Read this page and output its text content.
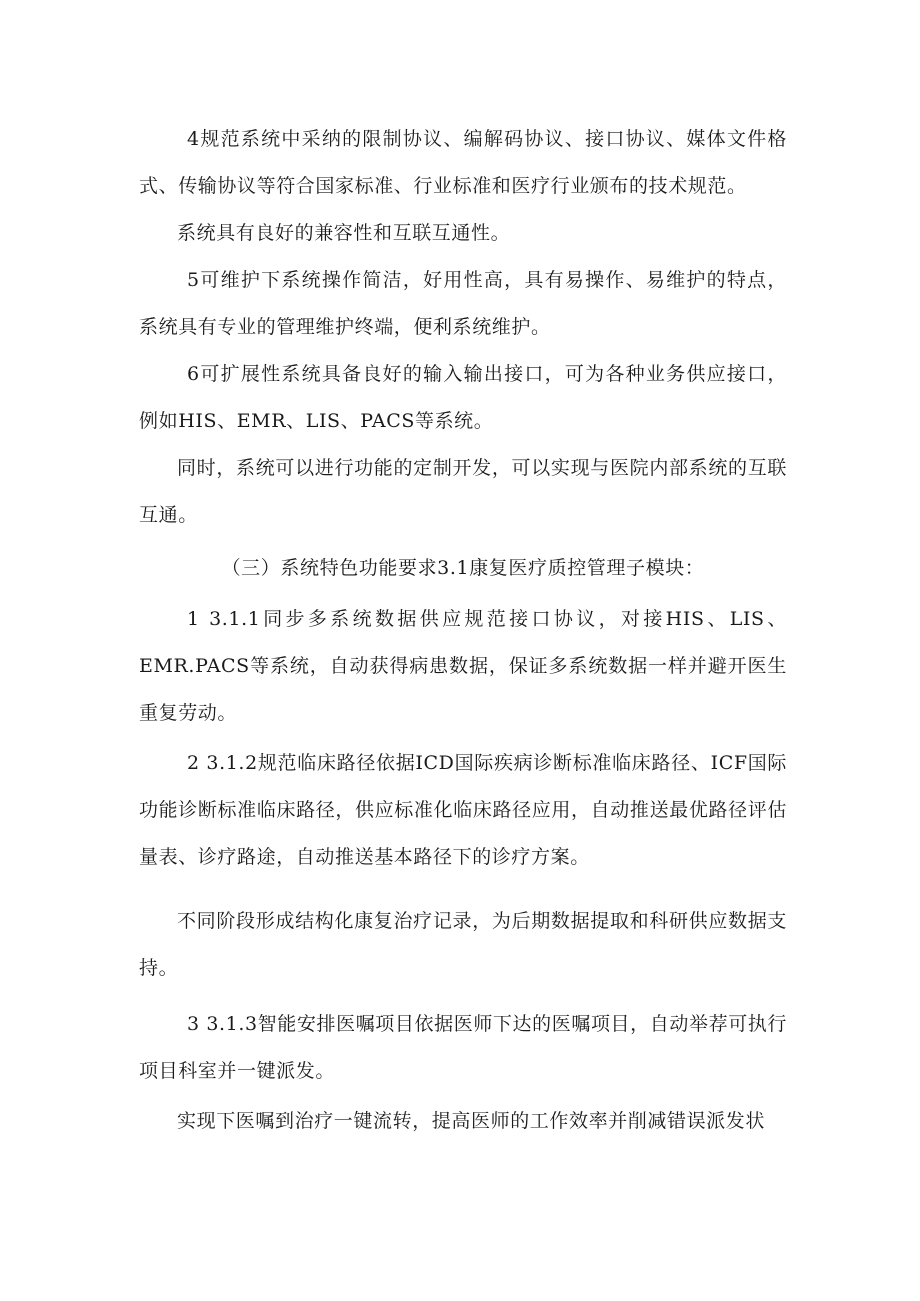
4规范系统中采纳的限制协议、编解码协议、接口协议、媒体文件格式、传输协议等符合国家标准、行业标准和医疗行业颁布的技术规范。

系统具有良好的兼容性和互联互通性。

5可维护下系统操作简洁，好用性高，具有易操作、易维护的特点，系统具有专业的管理维护终端，便利系统维护。

6可扩展性系统具备良好的输入输出接口，可为各种业务供应接口，例如HIS、EMR、LIS、PACS等系统。

同时，系统可以进行功能的定制开发，可以实现与医院内部系统的互联互通。

（三）系统特色功能要求3.1康复医疗质控管理子模块：

1 3.1.1同步多系统数据供应规范接口协议，对接HIS、LIS、EMR.PACS等系统，自动获得病患数据，保证多系统数据一样并避开医生重复劳动。

2 3.1.2规范临床路径依据ICD国际疾病诊断标准临床路径、ICF国际功能诊断标准临床路径，供应标准化临床路径应用，自动推送最优路径评估量表、诊疗路途，自动推送基本路径下的诊疗方案。

不同阶段形成结构化康复治疗记录，为后期数据提取和科研供应数据支持。

3 3.1.3智能安排医嘱项目依据医师下达的医嘱项目，自动举荐可执行项目科室并一键派发。

实现下医嘱到治疗一键流转，提高医师的工作效率并削减错误派发状
